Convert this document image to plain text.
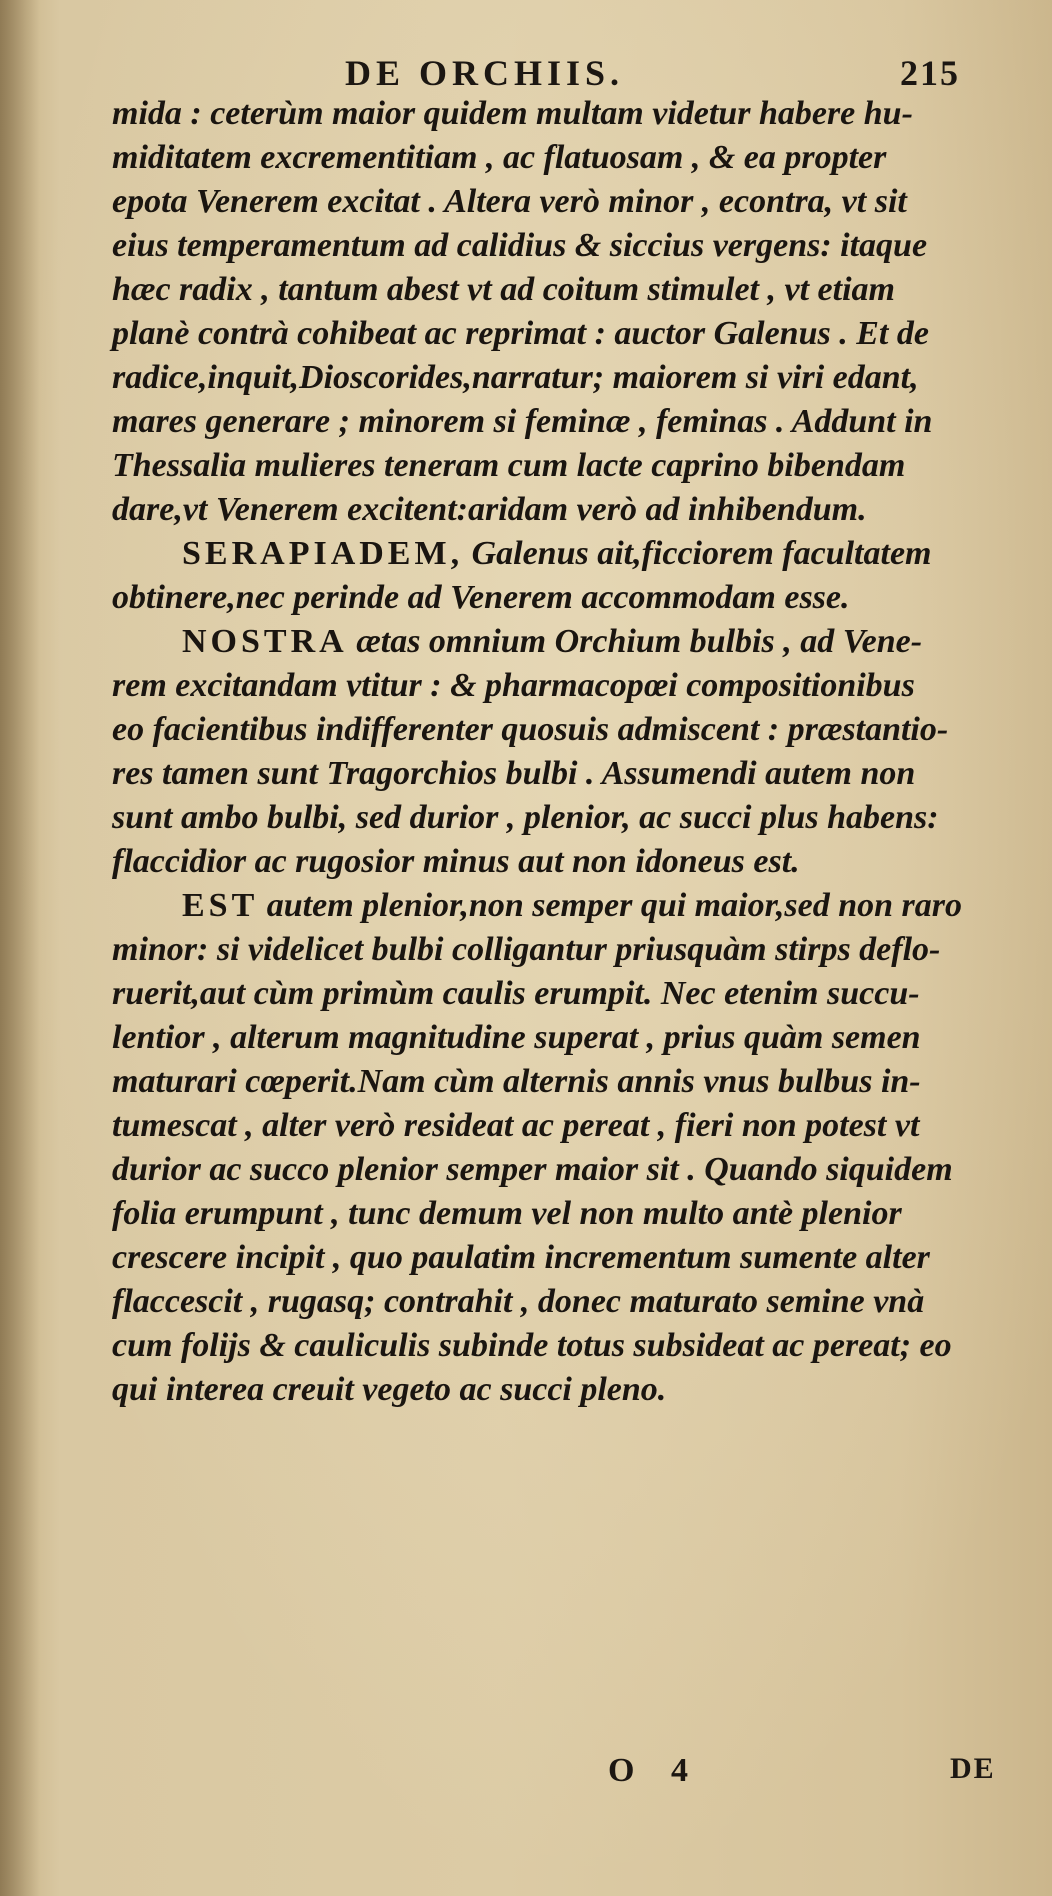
DE ORCHIIS.	215
mida : ceterùm maior quidem multam videtur habere hu-
miditatem excrementitiam , ac flatuosam , & ea propter
epota Venerem excitat . Altera verò minor , econtra, vt sit
eius temperamentum ad calidius & siccius vergens: itaque
hæc radix , tantum abest vt ad coitum stimulet , vt etiam
planè contrà cohibeat ac reprimat : auctor Galenus . Et de
radice,inquit,Dioscorides,narratur; maiorem si viri edant,
mares generare ; minorem si feminæ , feminas . Addunt in
Thessalia mulieres teneram cum lacte caprino bibendam
dare,vt Venerem excitent:aridam verò ad inhibendum.
SERAPIADEM, Galenus ait,ficciorem facultatem
obtinere,nec perinde ad Venerem accommodam esse.
NOSTRA ætas omnium Orchium bulbis , ad Vene-
rem excitandam vtitur : & pharmacopœi compositionibus
eo facientibus indifferenter quosuis admiscent : præstantio-
res tamen sunt Tragorchios bulbi . Assumendi autem non
sunt ambo bulbi, sed durior , plenior, ac succi plus habens:
flaccidior ac rugosior minus aut non idoneus est.
EST autem plenior,non semper qui maior,sed non raro
minor: si videlicet bulbi colligantur priusquàm stirps deflo-
ruerit,aut cùm primùm caulis erumpit. Nec etenim succu-
lentior , alterum magnitudine superat , prius quàm semen
maturari cœperit.Nam cùm alternis annis vnus bulbus in-
tumescat , alter verò resideat ac pereat , fieri non potest vt
durior ac succo plenior semper maior sit . Quando siquidem
folia erumpunt , tunc demum vel non multo antè plenior
crescere incipit , quo paulatim incrementum sumente alter
flaccescit , rugasq; contrahit , donec maturato semine vnà
cum folijs & cauliculis subinde totus subsideat ac pereat; eo
qui interea creuit vegeto ac succi pleno.
O 4	DE
